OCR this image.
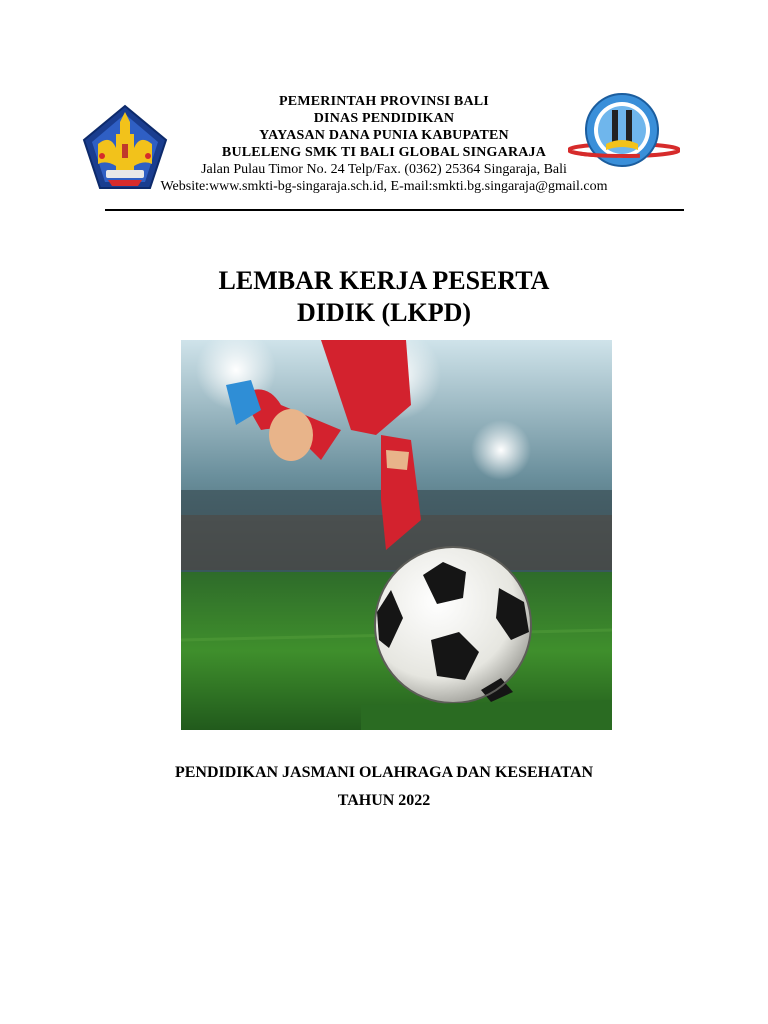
PEMERINTAH PROVINSI BALI
DINAS PENDIDIKAN
YAYASAN DANA PUNIA KABUPATEN
BULELENG SMK TI BALI GLOBAL SINGARAJA
Jalan Pulau Timor No. 24 Telp/Fax. (0362) 25364 Singaraja, Bali
Website:www.smkti-bg-singaraja.sch.id, E-mail:smkti.bg.singaraja@gmail.com
LEMBAR KERJA PESERTA
DIDIK (LKPD)
PENDIDIKAN JASMANI OLAHRAGA DAN KESEHATAN
TAHUN 2022
